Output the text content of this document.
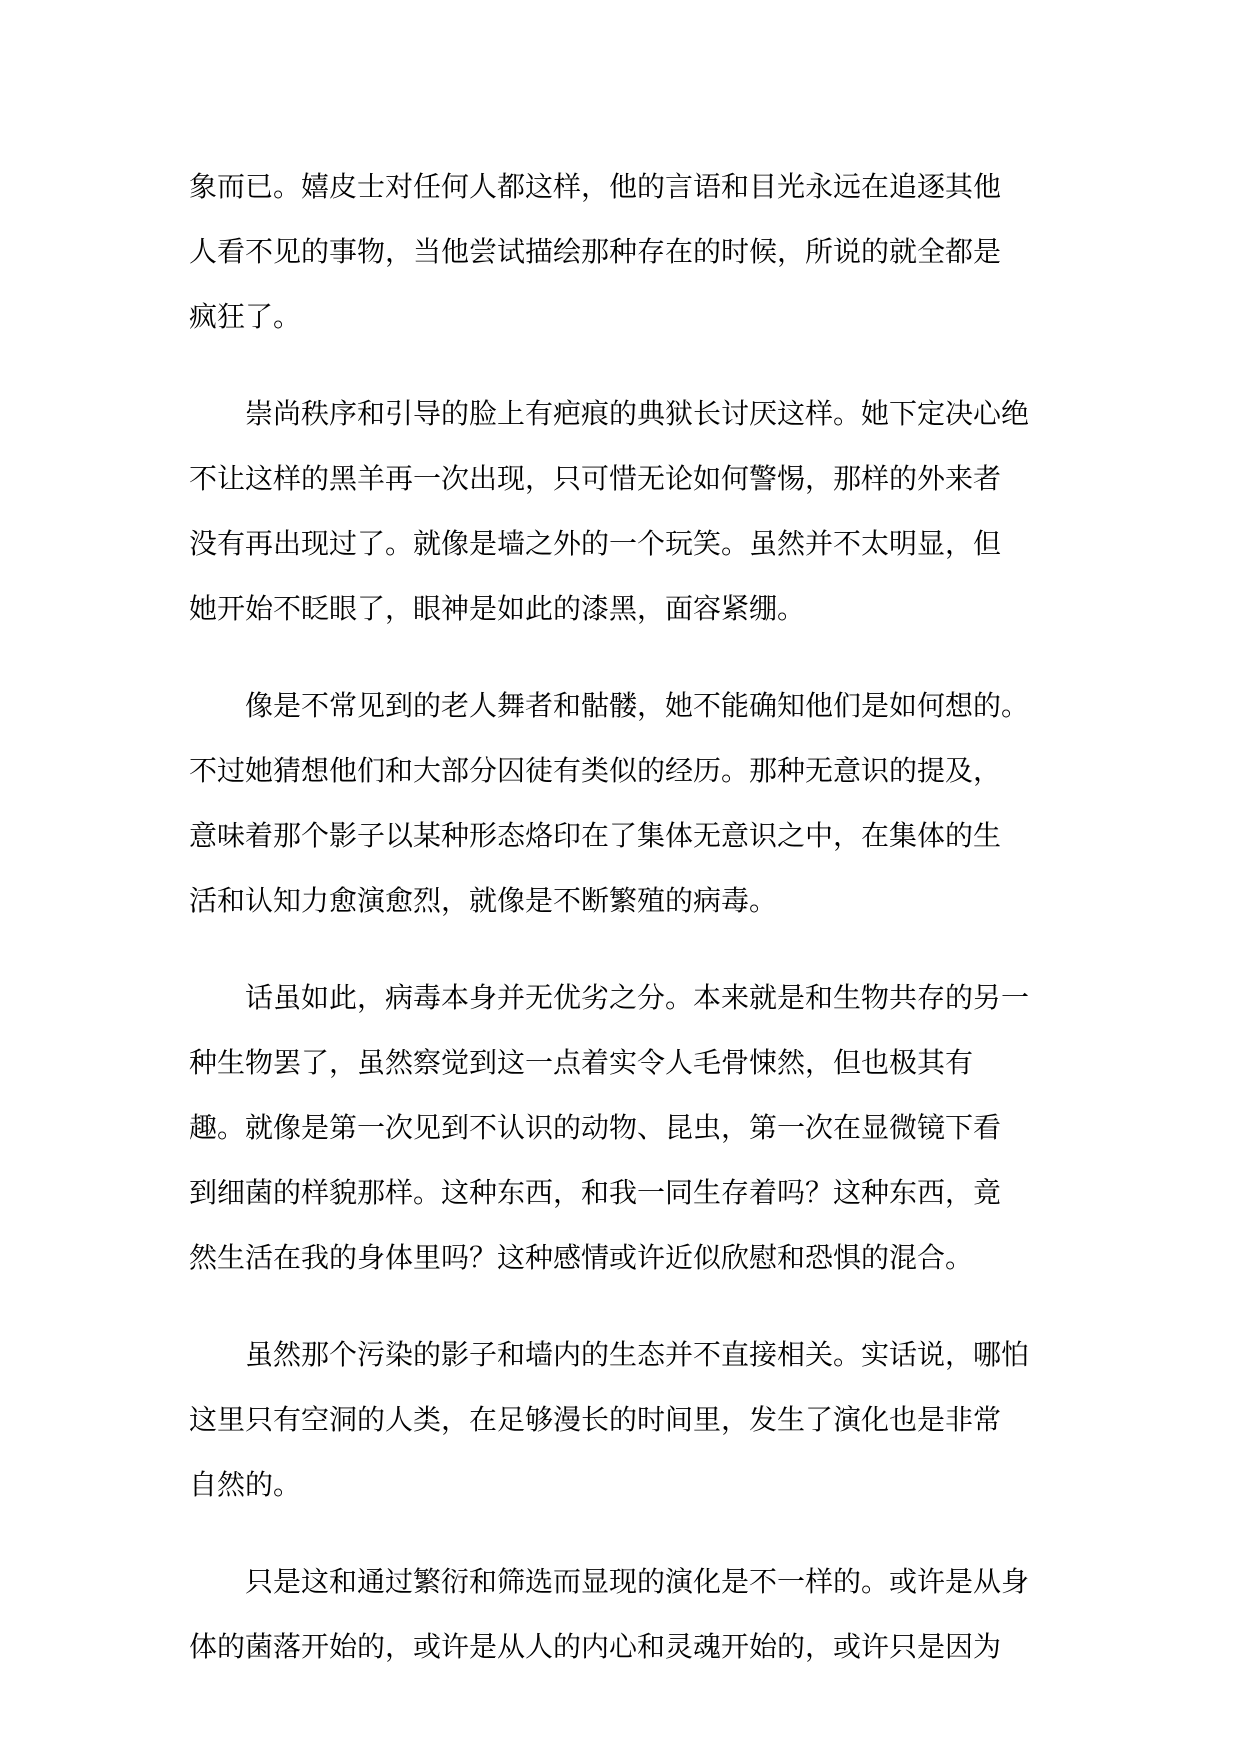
象而已。嬉皮士对任何人都这样，他的言语和目光永远在追逐其他
人看不见的事物，当他尝试描绘那种存在的时候，所说的就全都是
疯狂了。

崇尚秩序和引导的脸上有疤痕的典狱长讨厌这样。她下定决心绝
不让这样的黑羊再一次出现，只可惜无论如何警惕，那样的外来者
没有再出现过了。就像是墙之外的一个玩笑。虽然并不太明显，但
她开始不眨眼了，眼神是如此的漆黑，面容紧绷。

像是不常见到的老人舞者和骷髅，她不能确知他们是如何想的。
不过她猜想他们和大部分囚徒有类似的经历。那种无意识的提及，
意味着那个影子以某种形态烙印在了集体无意识之中，在集体的生
活和认知力愈演愈烈，就像是不断繁殖的病毒。

话虽如此，病毒本身并无优劣之分。本来就是和生物共存的另一
种生物罢了，虽然察觉到这一点着实令人毛骨悚然，但也极其有
趣。就像是第一次见到不认识的动物、昆虫，第一次在显微镜下看
到细菌的样貌那样。这种东西，和我一同生存着吗？这种东西，竟
然生活在我的身体里吗？这种感情或许近似欣慰和恐惧的混合。

虽然那个污染的影子和墙内的生态并不直接相关。实话说，哪怕
这里只有空洞的人类，在足够漫长的时间里，发生了演化也是非常
自然的。

只是这和通过繁衍和筛选而显现的演化是不一样的。或许是从身
体的菌落开始的，或许是从人的内心和灵魂开始的，或许只是因为
